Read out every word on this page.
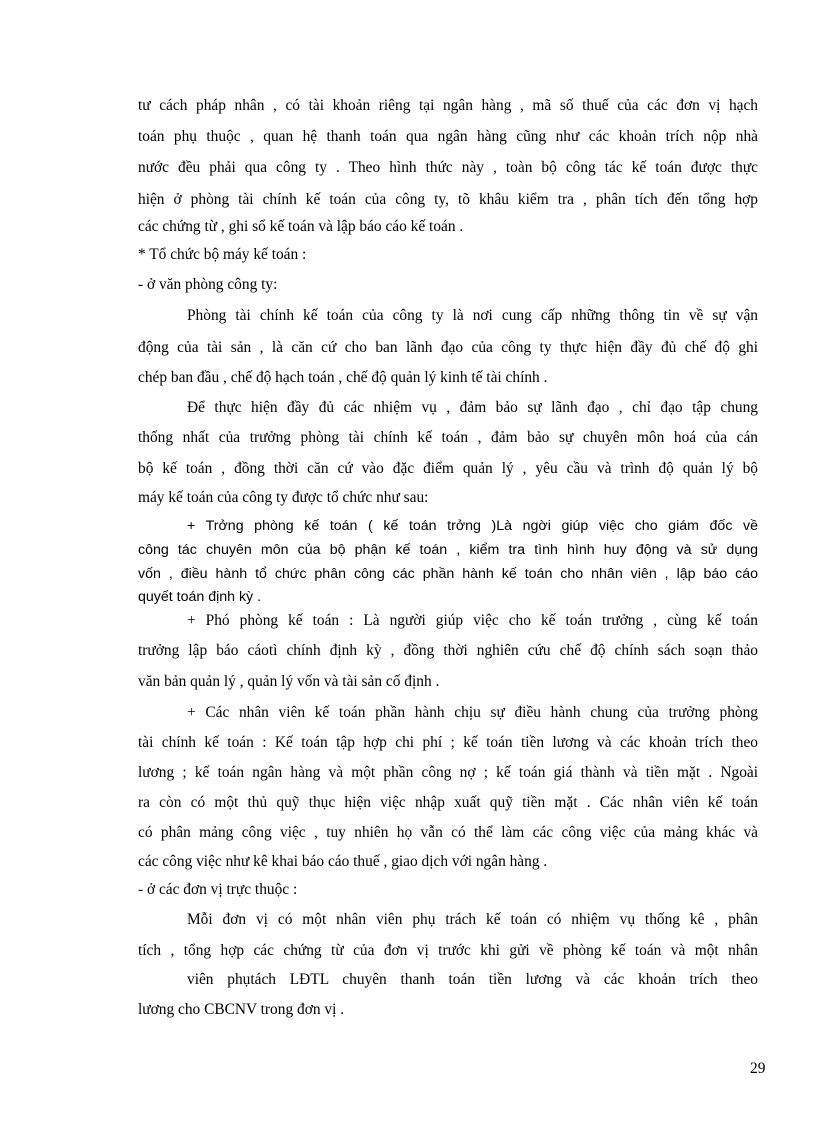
tư cách pháp nhân , có tài khoản riêng tại ngân hàng , mã số thuế của các đơn vị hạch
toán phụ thuộc , quan hệ thanh toán qua ngân hàng cũng như các khoản trích nộp nhà
nước đều phải qua công ty . Theo hình thức này , toàn bộ công tác kế toán được thực
hiện ở phòng tài chính kế toán của công ty, tõ khâu kiểm tra , phân tích đến tổng hợp
các chứng từ , ghi sổ kế toán và lập báo cáo kế toán .
* Tổ chức bộ máy kế toán :
- ở văn phòng công ty:
Phòng tài chính kế toán của công ty là nơi cung cấp những thông tin về sự vận
động của tài sản , là căn cứ cho ban lãnh đạo của công ty thực hiện đầy đủ chế độ ghi
chép ban đầu , chế độ hạch toán , chế độ quản lý kinh tế tài chính .
Để thực hiện đầy đủ các nhiệm vụ , đảm bảo sự lãnh đạo , chỉ đạo tập chung
thống nhất của trưởng phòng tài chính kế toán , đảm bảo sự chuyên môn hoá của cán
bộ kế toán , đồng thời căn cứ vào đặc điểm quản lý , yêu cầu và trình độ quản lý bộ
máy kế toán của công ty được tổ chức như sau:
+ Trởng phòng kế toán ( kế toán trởng )Là ngời giúp việc cho giám đốc về
công tác chuyên môn của bộ phận kế toán , kiểm tra tình hình huy động và sử dụng
vốn , điều hành tổ chức phân công các phần hành kế toán cho nhân viên , lập báo cáo
quyết toán định kỳ .
+ Phó phòng kế toán : Là người giúp việc cho kế toán trưởng , cùng kế toán
trưởng lập báo cáotì chính định kỳ , đồng thời nghiên cứu chế độ chính sách soạn thảo
văn bản quản lý , quản lý vốn và tài sản cố định .
+ Các nhân viên kế toán phần hành chịu sự điều hành chung của trưởng phòng
tài chính kế toán : Kế toán tập hợp chi phí ; kế toán tiền lương và các khoản trích theo
lương ; kế toán ngân hàng và một phần công nợ ; kế toán giá thành và tiền mặt . Ngoài
ra còn có một thủ quỹ thục hiện việc nhập xuất quỹ tiền mặt . Các nhân viên kế toán
có phân mảng công việc , tuy nhiên họ vẫn có thể làm các công việc của mảng khác và
các công việc như kê khai báo cáo thuế , giao dịch với ngân hàng .
- ở các đơn vị trực thuộc :
Mỗi đơn vị có một nhân viên phụ trách kế toán có nhiệm vụ thống kê , phân
tích , tổng hợp các chứng từ của đơn vị trước khi gửi về phòng kế toán và một nhân
viên phụtách LĐTL chuyên thanh toán tiền lương và các khoản trích theo
lương cho CBCNV trong đơn vị .
29
